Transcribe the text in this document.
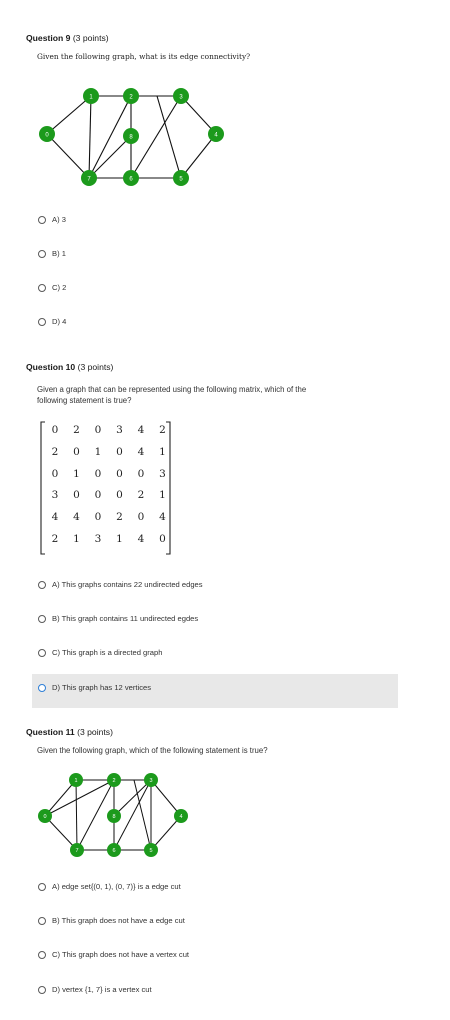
Question 9 (3 points)
Given the following graph, what is its edge connectivity?
0
1	2	3
4
5
6
7
8
A) 3
B) 1
C) 2
D) 4
Question 10 (3 points)
Given a graph that can be represented using the following matrix, which of the
following statement is true?
0 2 0 3 4 2
2 0 1 0 4 1
0 1 0 0 0 3
3 0 0 0 2 1
4 4 0 2 0 4
2 1 3 1 4 0
A) This graphs contains 22 undirected edges
B) This graph contains 11 undirected egdes
C) This graph is a directed graph
D) This graph has 12 vertices
Question 11 (3 points)
Given the following graph, which of the following statement is true?
0
1	2	3
4
5
6
7
8
A) edge set{(0, 1), (0, 7)} is a edge cut
B) This graph does not have a edge cut
C) This graph does not have a vertex cut
D) vertex {1, 7} is a vertex cut
